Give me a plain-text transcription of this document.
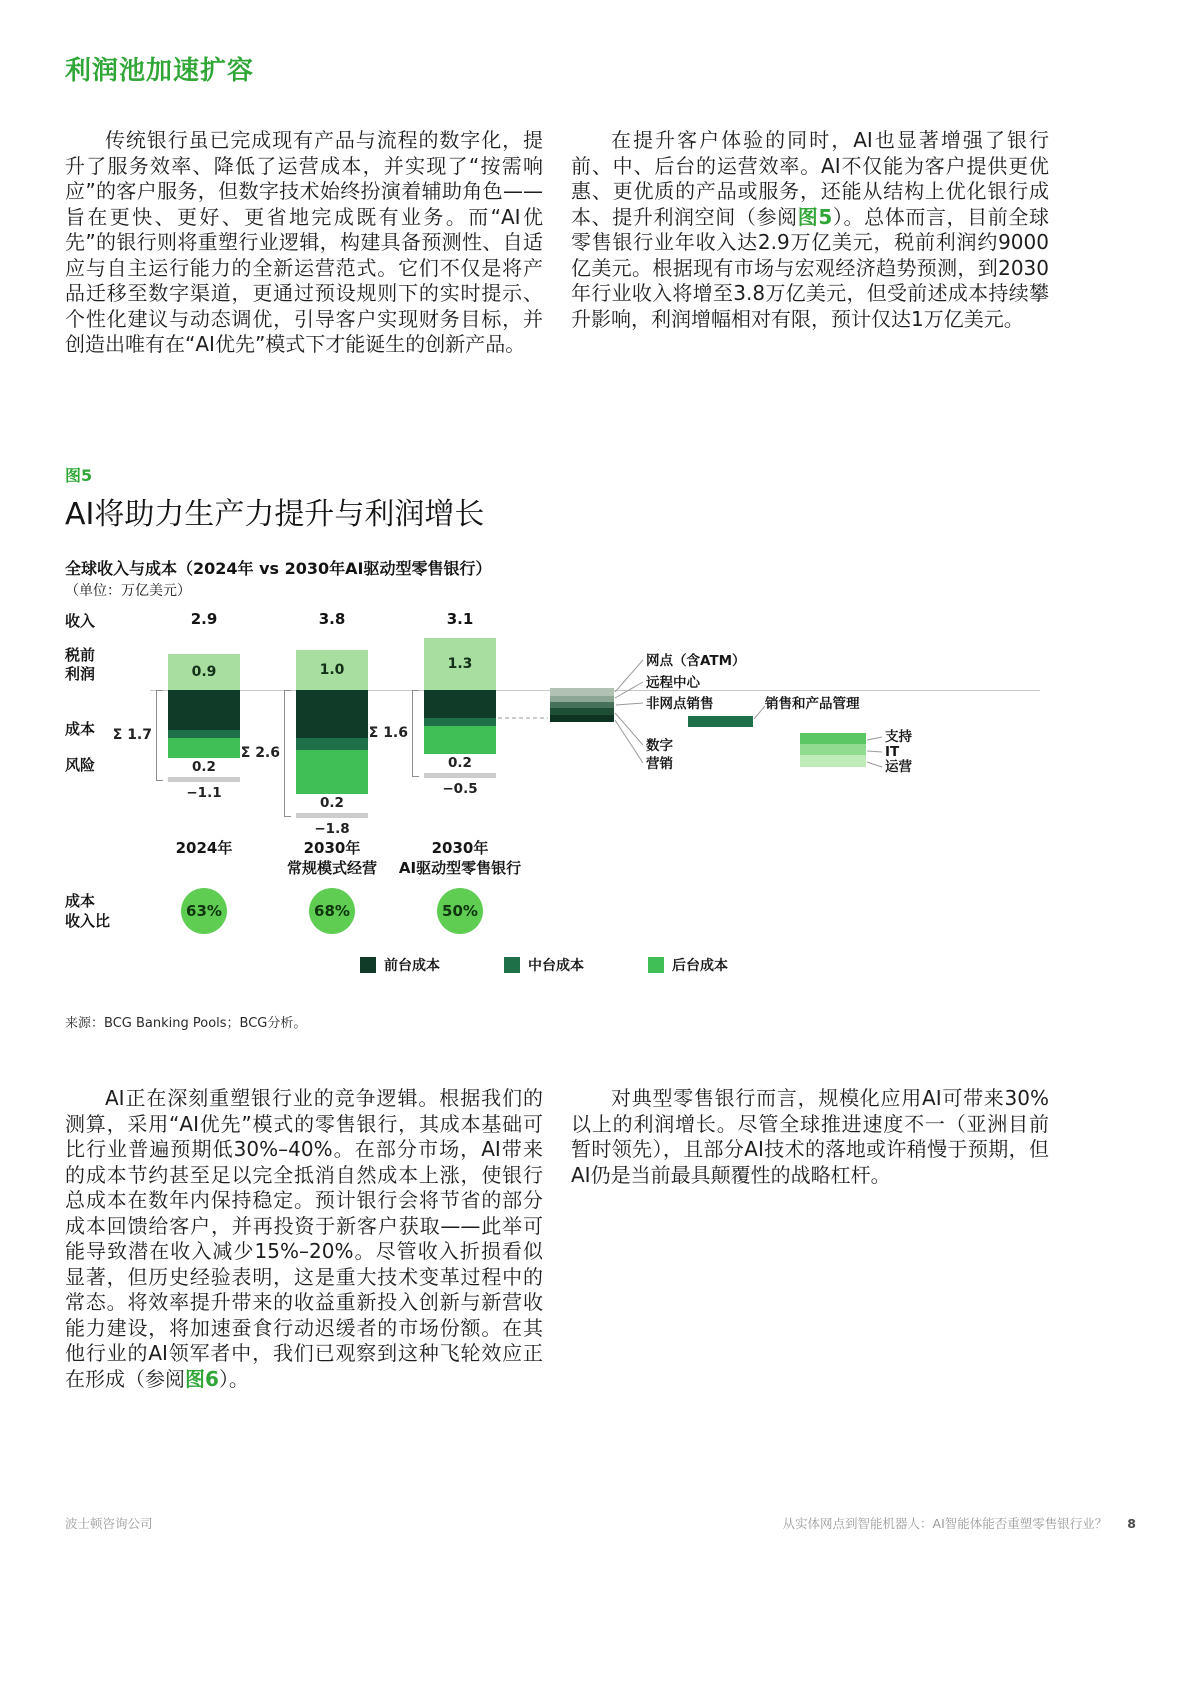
利润池加速扩容

传统银行虽已完成现有产品与流程的数字化，提升了服务效率、降低了运营成本，并实现了“按需响应”的客户服务，但数字技术始终扮演着辅助角色——旨在更快、更好、更省地完成既有业务。而“AI优先”的银行则将重塑行业逻辑，构建具备预测性、自适应与自主运行能力的全新运营范式。它们不仅是将产品迁移至数字渠道，更通过预设规则下的实时提示、个性化建议与动态调优，引导客户实现财务目标，并创造出唯有在“AI优先”模式下才能诞生的创新产品。

在提升客户体验的同时，AI也显著增强了银行前、中、后台的运营效率。AI不仅能为客户提供更优惠、更优质的产品或服务，还能从结构上优化银行成本、提升利润空间（参阅图5）。总体而言，目前全球零售银行业年收入达2.9万亿美元，税前利润约9000亿美元。根据现有市场与宏观经济趋势预测，到2030年行业收入将增至3.8万亿美元，但受前述成本持续攀升影响，利润增幅相对有限，预计仅达1万亿美元。

图5
AI将助力生产力提升与利润增长
全球收入与成本（2024年 vs 2030年AI驱动型零售银行）
（单位：万亿美元）
收入
税前
利润
成本
风险
成本
收入比
2.9
0.9
0.2
−1.1
Σ 1.7
2024年
63%
3.8
1.0
0.2
−1.8
Σ 2.6
2030年
常规模式经营
68%
3.1
1.3
0.2
−0.5
Σ 1.6
2030年
AI驱动型零售银行
50%
网点（含ATM）
远程中心
非网点销售
数字
营销
销售和产品管理
支持
IT
运营
前台成本	中台成本	后台成本
来源：BCG Banking Pools；BCG分析。

AI正在深刻重塑银行业的竞争逻辑。根据我们的测算，采用“AI优先”模式的零售银行，其成本基础可比行业普遍预期低30%–40%。在部分市场，AI带来的成本节约甚至足以完全抵消自然成本上涨，使银行总成本在数年内保持稳定。预计银行会将节省的部分成本回馈给客户，并再投资于新客户获取——此举可能导致潜在收入减少15%–20%。尽管收入折损看似显著，但历史经验表明，这是重大技术变革过程中的常态。将效率提升带来的收益重新投入创新与新营收能力建设，将加速蚕食行动迟缓者的市场份额。在其他行业的AI领军者中，我们已观察到这种飞轮效应正在形成（参阅图6）。

对典型零售银行而言，规模化应用AI可带来30%以上的利润增长。尽管全球推进速度不一（亚洲目前暂时领先），且部分AI技术的落地或许稍慢于预期，但AI仍是当前最具颠覆性的战略杠杆。

波士顿咨询公司	从实体网点到智能机器人：AI智能体能否重塑零售银行业？ 8
